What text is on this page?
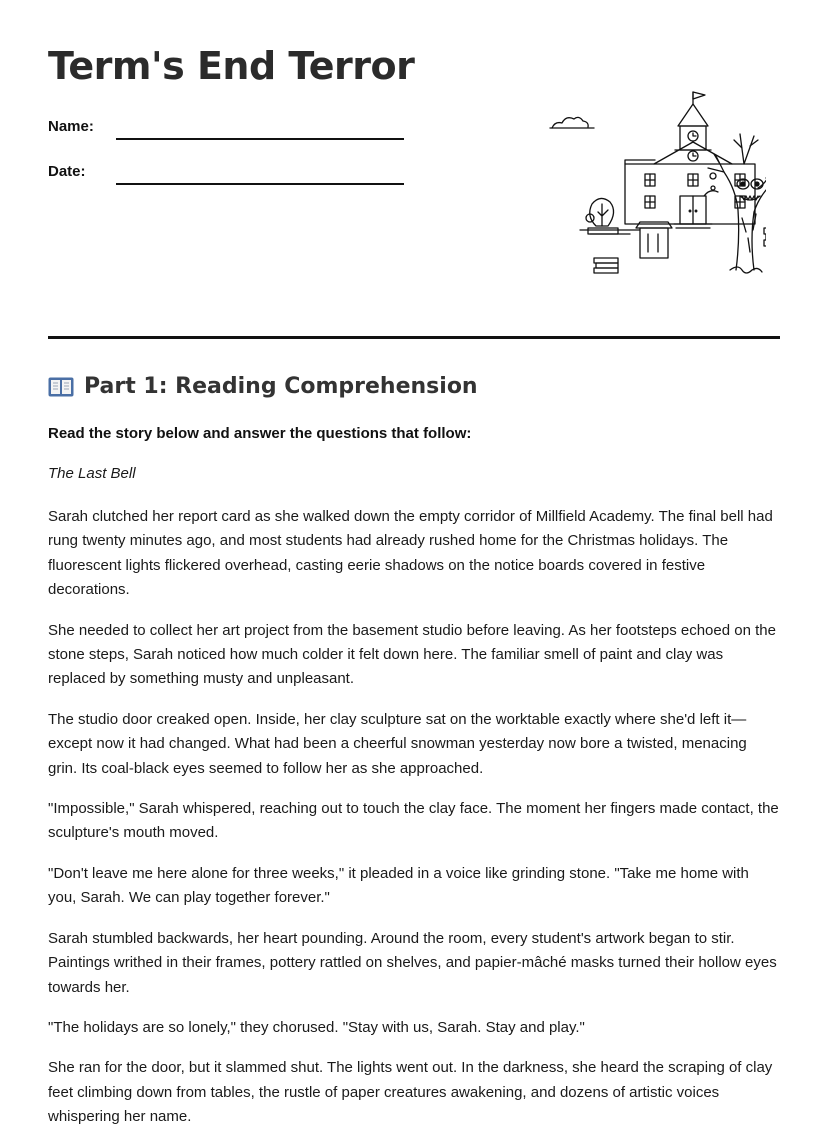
Term's End Terror
Name:
Date:
Part 1: Reading Comprehension
Read the story below and answer the questions that follow:
The Last Bell

Sarah clutched her report card as she walked down the empty corridor of Millfield Academy. The final bell had rung twenty minutes ago, and most students had already rushed home for the Christmas holidays. The fluorescent lights flickered overhead, casting eerie shadows on the notice boards covered in festive decorations.

She needed to collect her art project from the basement studio before leaving. As her footsteps echoed on the stone steps, Sarah noticed how much colder it felt down here. The familiar smell of paint and clay was replaced by something musty and unpleasant.

The studio door creaked open. Inside, her clay sculpture sat on the worktable exactly where she'd left it—except now it had changed. What had been a cheerful snowman yesterday now bore a twisted, menacing grin. Its coal-black eyes seemed to follow her as she approached.

"Impossible," Sarah whispered, reaching out to touch the clay face. The moment her fingers made contact, the sculpture's mouth moved.

"Don't leave me here alone for three weeks," it pleaded in a voice like grinding stone. "Take me home with you, Sarah. We can play together forever."

Sarah stumbled backwards, her heart pounding. Around the room, every student's artwork began to stir. Paintings writhed in their frames, pottery rattled on shelves, and papier-mâché masks turned their hollow eyes towards her.

"The holidays are so lonely," they chorused. "Stay with us, Sarah. Stay and play."

She ran for the door, but it slammed shut. The lights went out. In the darkness, she heard the scraping of clay feet climbing down from tables, the rustle of paper creatures awakening, and dozens of artistic voices whispering her name.
